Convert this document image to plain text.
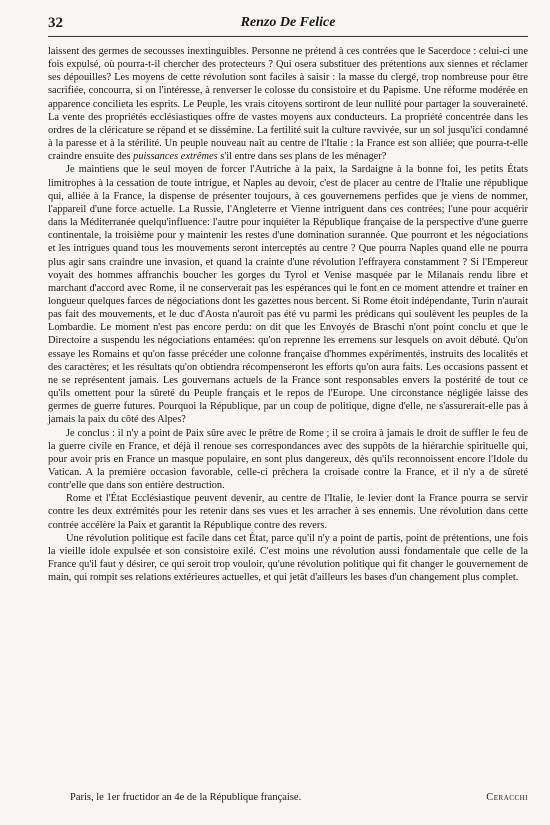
32	Renzo De Felice

laissent des germes de secousses inextinguibles. Personne ne prétend à ces contrées que le Sacerdoce : celui-ci une fois expulsé, où pourra-t-il chercher des protecteurs ? Qui osera substituer des prétentions aux siennes et réclamer ses dépouilles? Les moyens de cette révolution sont faciles à saisir : la masse du clergé, trop nombreuse pour être sacrifiée, concourra, si on l'intéresse, à renverser le colosse du consistoire et du Papisme. Une réforme modérée en apparence concilieta les esprits. Le Peuple, les vrais citoyens sortiront de leur nullité pour partager la souveraineté. La vente des propriétés ecclésiastiques offre de vastes moyens aux conducteurs. La propriété concentrée dans les ordres de la cléricature se répand et se dissémine. La fertilité suit la culture ravvivée, sur un sol jusqu'ici condamné à la paresse et à la stérilité. Un peuple nouveau naît au centre de l'Italie : la France est son alliée; que pourra-t-elle craindre ensuite des puissances extrêmes s'il entre dans ses plans de les ménager?

Je maintiens que le seul moyen de forcer l'Autriche à la paix, la Sardaigne à la bonne foi, les petits États limitrophes à la cessation de toute intrigue, et Naples au devoir, c'est de placer au centre de l'Italie une république qui, alliée à la France, la dispense de présenter toujours, à ces gouvernemens perfides que je viens de nommer, l'appareil d'une force actuelle. La Russie, l'Angleterre et Vienne intriguent dans ces contrées; l'une pour acquérir dans la Méditerranée quelqu'influence: l'autre pour inquiéter la République française de la perspective d'une guerre continentale, la troisième pour y maintenir les restes d'une domination surannée. Que pourront et les négociations et les intrigues quand tous les mouvements seront interceptés au centre ? Que pourra Naples quand elle ne pourra plus agir sans craindre une invasion, et quand la crainte d'une révolution l'effrayera constamment ? Si l'Empereur voyait des hommes affranchis boucher les gorges du Tyrol et Venise masquée par le Milanais rendu libre et marchant d'accord avec Rome, il ne conserverait pas les espérances qui le font en ce moment attendre et trainer en longueur quelques farces de négociations dont les gazettes nous bercent. Si Rome étoit indépendante, Turin n'aurait pas fait des mouvements, et le duc d'Aosta n'auroit pas été vu parmi les prédicans qui soulèvent les peuples de la Lombardie. Le moment n'est pas encore perdu: on dit que les Envoyés de Braschi n'ont point conclu et que le Directoire a suspendu les négociations entamées: qu'on reprenne les erremens sur lesquels on avoit débuté. Qu'on essaye les Romains et qu'on fasse précéder une colonne française d'hommes expérimentés, instruits des localités et des caractères; et les résultats qu'on obtiendra récompenseront les efforts qu'on aura faits. Les occasions passent et ne se représentent jamais. Les gouvernans actuels de la France sont responsables envers la postérité de tout ce qu'ils omettent pour la sûreté du Peuple français et le repos de l'Europe. Une circonstance négligée laisse des germes de guerre futures. Pourquoi la République, par un coup de politique, digne d'elle, ne s'assurerait-elle pas à jamais la paix du côté des Alpes?

Je conclus : il n'y a point de Paix sûre avec le prêtre de Rome ; il se croira à jamais le droit de suffler le feu de la guerre civile en France, et déjà il renoue ses correspondances avec des suppôts de la hiérarchie spirituelle qui, pour avoir pris en France un masque populaire, en sont plus dangereux, dès qu'ils reconnoissent encore l'Idole du Vatican. A la première occasion favorable, celle-ci prêchera la croisade contre la France, et il n'y a de sûreté contr'elle que dans son entière destruction.

Rome et l'État Ecclésiastique peuvent devenir, au centre de l'Italie, le levier dont la France pourra se servir contre les deux extrémités pour les retenir dans ses vues et les arracher à ses ennemis. Une révolution dans cette contrée accélère la Paix et garantit la République contre des revers.

Une révolution politique est facile dans cet État, parce qu'il n'y a point de partis, point de prétentions, une fois la vieille idole expulsée et son consistoire exilé. C'est moins une révolution aussi fondamentale que celle de la France qu'il faut y désirer, ce qui seroit trop vouloir, qu'une révolution politique qui fit changer le gouvernement de main, qui rompit ses relations extérieures actuelles, et qui jetât d'ailleurs les bases d'un changement plus complet.

Paris, le 1er fructidor an 4e de la République française.	Ceracchi
